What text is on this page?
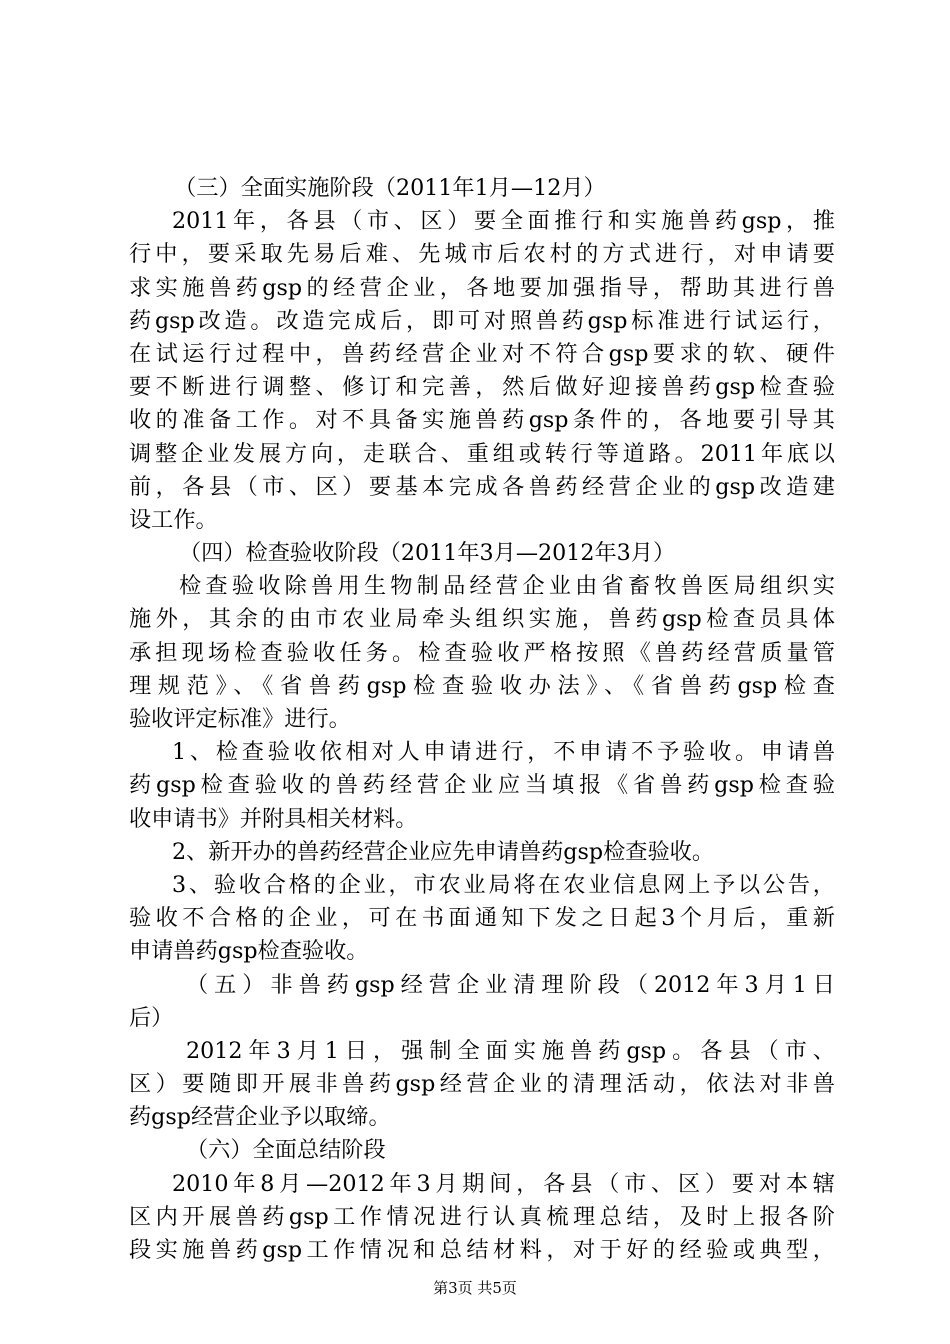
　（三）全面实施阶段（2011年1月—12月）
2011年，各县（市、区）要全面推行和实施兽药gsp，推
行中，要采取先易后难、先城市后农村的方式进行，对申请要
求实施兽药gsp的经营企业，各地要加强指导，帮助其进行兽
药gsp改造。改造完成后，即可对照兽药gsp标准进行试运行，
在试运行过程中，兽药经营企业对不符合gsp要求的软、硬件
要不断进行调整、修订和完善，然后做好迎接兽药gsp检查验
收的准备工作。对不具备实施兽药gsp条件的，各地要引导其
调整企业发展方向，走联合、重组或转行等道路。2011年底以
前，各县（市、区）要基本完成各兽药经营企业的gsp改造建
设工作。
（四）检查验收阶段（2011年3月—2012年3月）
检查验收除兽用生物制品经营企业由省畜牧兽医局组织实
施外，其余的由市农业局牵头组织实施，兽药gsp检查员具体
承担现场检查验收任务。检查验收严格按照《兽药经营质量管
理规范》、《省兽药gsp检查验收办法》、《省兽药gsp检查
验收评定标准》进行。
1、检查验收依相对人申请进行，不申请不予验收。申请兽
药gsp检查验收的兽药经营企业应当填报《省兽药gsp检查验
收申请书》并附具相关材料。
2、新开办的兽药经营企业应先申请兽药gsp检查验收。
3、验收合格的企业，市农业局将在农业信息网上予以公告，
验收不合格的企业，可在书面通知下发之日起3个月后，重新
申请兽药gsp检查验收。
（五）非兽药gsp经营企业清理阶段（2012年3月1日
后）
2012年3月1日，强制全面实施兽药gsp。各县（市、
区）要随即开展非兽药gsp经营企业的清理活动，依法对非兽
药gsp经营企业予以取缔。
（六）全面总结阶段
2010年8月—2012年3月期间，各县（市、区）要对本辖
区内开展兽药gsp工作情况进行认真梳理总结，及时上报各阶
段实施兽药gsp工作情况和总结材料，对于好的经验或典型，
第3页 共5页
